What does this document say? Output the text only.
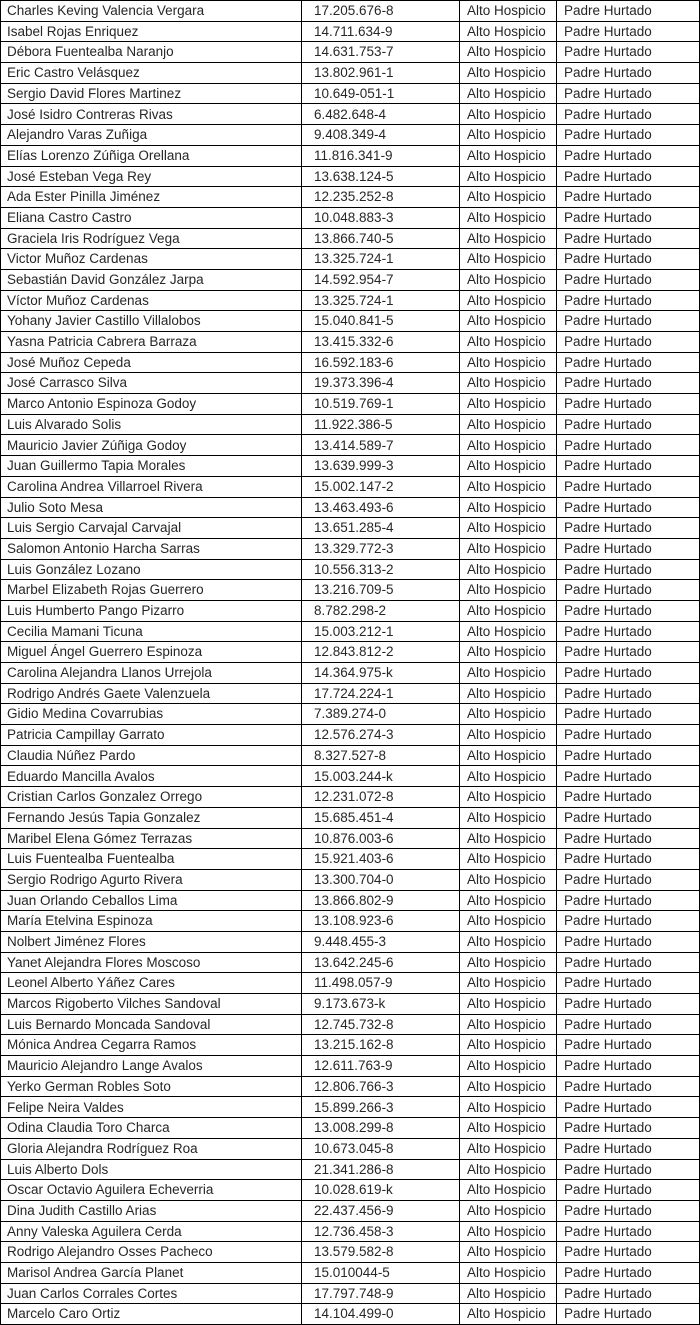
Charles Keving Valencia Vergara	17.205.676-8	Alto Hospicio	Padre Hurtado
Isabel Rojas Enriquez	14.711.634-9	Alto Hospicio	Padre Hurtado
Débora Fuentealba Naranjo	14.631.753-7	Alto Hospicio	Padre Hurtado
Eric Castro Velásquez	13.802.961-1	Alto Hospicio	Padre Hurtado
Sergio David Flores Martinez	10.649-051-1	Alto Hospicio	Padre Hurtado
José Isidro Contreras Rivas	6.482.648-4	Alto Hospicio	Padre Hurtado
Alejandro Varas Zuñiga	9.408.349-4	Alto Hospicio	Padre Hurtado
Elías Lorenzo Zúñiga Orellana	11.816.341-9	Alto Hospicio	Padre Hurtado
José Esteban Vega Rey	13.638.124-5	Alto Hospicio	Padre Hurtado
Ada Ester Pinilla Jiménez	12.235.252-8	Alto Hospicio	Padre Hurtado
Eliana Castro Castro	10.048.883-3	Alto Hospicio	Padre Hurtado
Graciela Iris Rodríguez Vega	13.866.740-5	Alto Hospicio	Padre Hurtado
Victor Muñoz Cardenas	13.325.724-1	Alto Hospicio	Padre Hurtado
Sebastián David González Jarpa	14.592.954-7	Alto Hospicio	Padre Hurtado
Víctor Muñoz Cardenas	13.325.724-1	Alto Hospicio	Padre Hurtado
Yohany Javier Castillo Villalobos	15.040.841-5	Alto Hospicio	Padre Hurtado
Yasna Patricia Cabrera Barraza	13.415.332-6	Alto Hospicio	Padre Hurtado
José Muñoz Cepeda	16.592.183-6	Alto Hospicio	Padre Hurtado
José Carrasco Silva	19.373.396-4	Alto Hospicio	Padre Hurtado
Marco Antonio Espinoza Godoy	10.519.769-1	Alto Hospicio	Padre Hurtado
Luis Alvarado Solis	11.922.386-5	Alto Hospicio	Padre Hurtado
Mauricio Javier Zúñiga Godoy	13.414.589-7	Alto Hospicio	Padre Hurtado
Juan Guillermo Tapia Morales	13.639.999-3	Alto Hospicio	Padre Hurtado
Carolina Andrea Villarroel Rivera	15.002.147-2	Alto Hospicio	Padre Hurtado
Julio Soto Mesa	13.463.493-6	Alto Hospicio	Padre Hurtado
Luis Sergio Carvajal Carvajal	13.651.285-4	Alto Hospicio	Padre Hurtado
Salomon Antonio Harcha Sarras	13.329.772-3	Alto Hospicio	Padre Hurtado
Luis González Lozano	10.556.313-2	Alto Hospicio	Padre Hurtado
Marbel Elizabeth Rojas Guerrero	13.216.709-5	Alto Hospicio	Padre Hurtado
Luis Humberto Pango Pizarro	8.782.298-2	Alto Hospicio	Padre Hurtado
Cecilia Mamani Ticuna	15.003.212-1	Alto Hospicio	Padre Hurtado
Miguel Ángel Guerrero Espinoza	12.843.812-2	Alto Hospicio	Padre Hurtado
Carolina Alejandra Llanos Urrejola	14.364.975-k	Alto Hospicio	Padre Hurtado
Rodrigo Andrés Gaete Valenzuela	17.724.224-1	Alto Hospicio	Padre Hurtado
Gidio Medina Covarrubias	7.389.274-0	Alto Hospicio	Padre Hurtado
Patricia Campillay Garrato	12.576.274-3	Alto Hospicio	Padre Hurtado
Claudia Núñez Pardo	8.327.527-8	Alto Hospicio	Padre Hurtado
Eduardo Mancilla Avalos	15.003.244-k	Alto Hospicio	Padre Hurtado
Cristian Carlos Gonzalez Orrego	12.231.072-8	Alto Hospicio	Padre Hurtado
Fernando Jesús Tapia Gonzalez	15.685.451-4	Alto Hospicio	Padre Hurtado
Maribel Elena Gómez Terrazas	10.876.003-6	Alto Hospicio	Padre Hurtado
Luis Fuentealba Fuentealba	15.921.403-6	Alto Hospicio	Padre Hurtado
Sergio Rodrigo Agurto Rivera	13.300.704-0	Alto Hospicio	Padre Hurtado
Juan Orlando Ceballos Lima	13.866.802-9	Alto Hospicio	Padre Hurtado
María Etelvina Espinoza	13.108.923-6	Alto Hospicio	Padre Hurtado
Nolbert Jiménez Flores	9.448.455-3	Alto Hospicio	Padre Hurtado
Yanet Alejandra Flores Moscoso	13.642.245-6	Alto Hospicio	Padre Hurtado
Leonel Alberto Yáñez Cares	11.498.057-9	Alto Hospicio	Padre Hurtado
Marcos Rigoberto Vilches Sandoval	9.173.673-k	Alto Hospicio	Padre Hurtado
Luis Bernardo Moncada Sandoval	12.745.732-8	Alto Hospicio	Padre Hurtado
Mónica Andrea Cegarra Ramos	13.215.162-8	Alto Hospicio	Padre Hurtado
Mauricio Alejandro Lange Avalos	12.611.763-9	Alto Hospicio	Padre Hurtado
Yerko German Robles Soto	12.806.766-3	Alto Hospicio	Padre Hurtado
Felipe Neira Valdes	15.899.266-3	Alto Hospicio	Padre Hurtado
Odina Claudia Toro Charca	13.008.299-8	Alto Hospicio	Padre Hurtado
Gloria Alejandra Rodríguez Roa	10.673.045-8	Alto Hospicio	Padre Hurtado
Luis Alberto Dols	21.341.286-8	Alto Hospicio	Padre Hurtado
Oscar Octavio Aguilera Echeverria	10.028.619-k	Alto Hospicio	Padre Hurtado
Dina Judith Castillo Arias	22.437.456-9	Alto Hospicio	Padre Hurtado
Anny Valeska Aguilera Cerda	12.736.458-3	Alto Hospicio	Padre Hurtado
Rodrigo Alejandro Osses Pacheco	13.579.582-8	Alto Hospicio	Padre Hurtado
Marisol Andrea García Planet	15.010044-5	Alto Hospicio	Padre Hurtado
Juan Carlos Corrales Cortes	17.797.748-9	Alto Hospicio	Padre Hurtado
Marcelo Caro Ortiz	14.104.499-0	Alto Hospicio	Padre Hurtado
